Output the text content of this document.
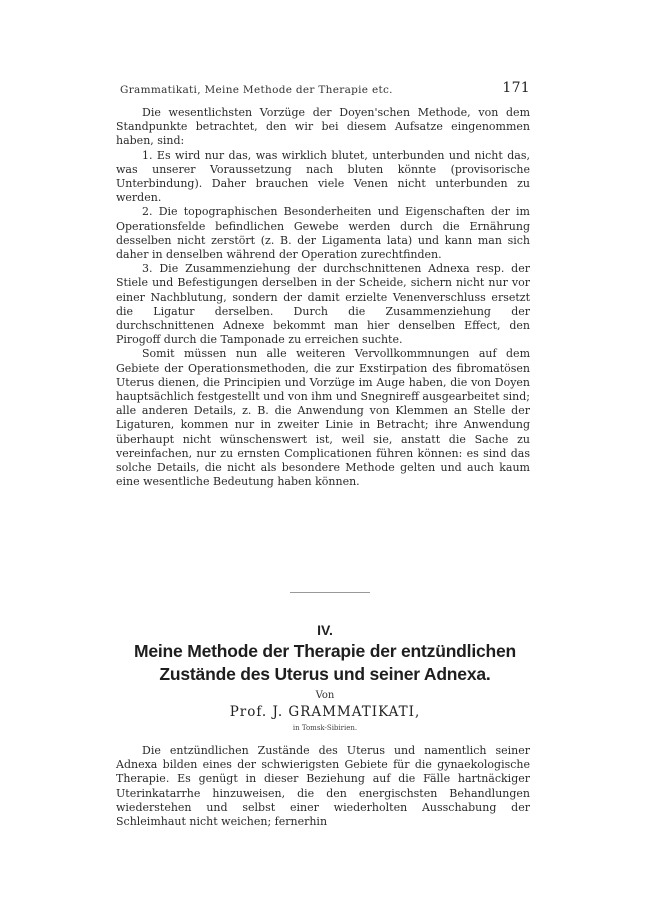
Grammatikati, Meine Methode der Therapie etc.	171

Die wesentlichsten Vorzüge der Doyen'schen Methode, von dem Standpunkte betrachtet, den wir bei diesem Aufsatze eingenommen haben, sind:

1. Es wird nur das, was wirklich blutet, unterbunden und nicht das, was unserer Voraussetzung nach bluten könnte (provisorische Unterbindung). Daher brauchen viele Venen nicht unterbunden zu werden.

2. Die topographischen Besonderheiten und Eigenschaften der im Operationsfelde befindlichen Gewebe werden durch die Ernährung desselben nicht zerstört (z. B. der Ligamenta lata) und kann man sich daher in denselben während der Operation zurechtfinden.

3. Die Zusammenziehung der durchschnittenen Adnexa resp. der Stiele und Befestigungen derselben in der Scheide, sichern nicht nur vor einer Nachblutung, sondern der damit erzielte Venenverschluss ersetzt die Ligatur derselben. Durch die Zusammenziehung der durchschnittenen Adnexe bekommt man hier denselben Effect, den Pirogoff durch die Tamponade zu erreichen suchte.

Somit müssen nun alle weiteren Vervollkommnungen auf dem Gebiete der Operationsmethoden, die zur Exstirpation des fibromatösen Uterus dienen, die Principien und Vorzüge im Auge haben, die von Doyen hauptsächlich festgestellt und von ihm und Snegnireff ausgearbeitet sind; alle anderen Details, z. B. die Anwendung von Klemmen an Stelle der Ligaturen, kommen nur in zweiter Linie in Betracht; ihre Anwendung überhaupt nicht wünschenswert ist, weil sie, anstatt die Sache zu vereinfachen, nur zu ernsten Complicationen führen können: es sind das solche Details, die nicht als besondere Methode gelten und auch kaum eine wesentliche Bedeutung haben können.

IV.
Meine Methode der Therapie der entzündlichen Zustände des Uterus und seiner Adnexa.
Von
Prof. J. GRAMMATIKATI,
in Tomsk-Sibirien.

Die entzündlichen Zustände des Uterus und namentlich seiner Adnexa bilden eines der schwierigsten Gebiete für die gynaekologische Therapie. Es genügt in dieser Beziehung auf die Fälle hartnäckiger Uterinkatarrhe hinzuweisen, die den energischsten Behandlungen wiederstehen und selbst einer wiederholten Ausschabung der Schleimhaut nicht weichen; fernerhin
